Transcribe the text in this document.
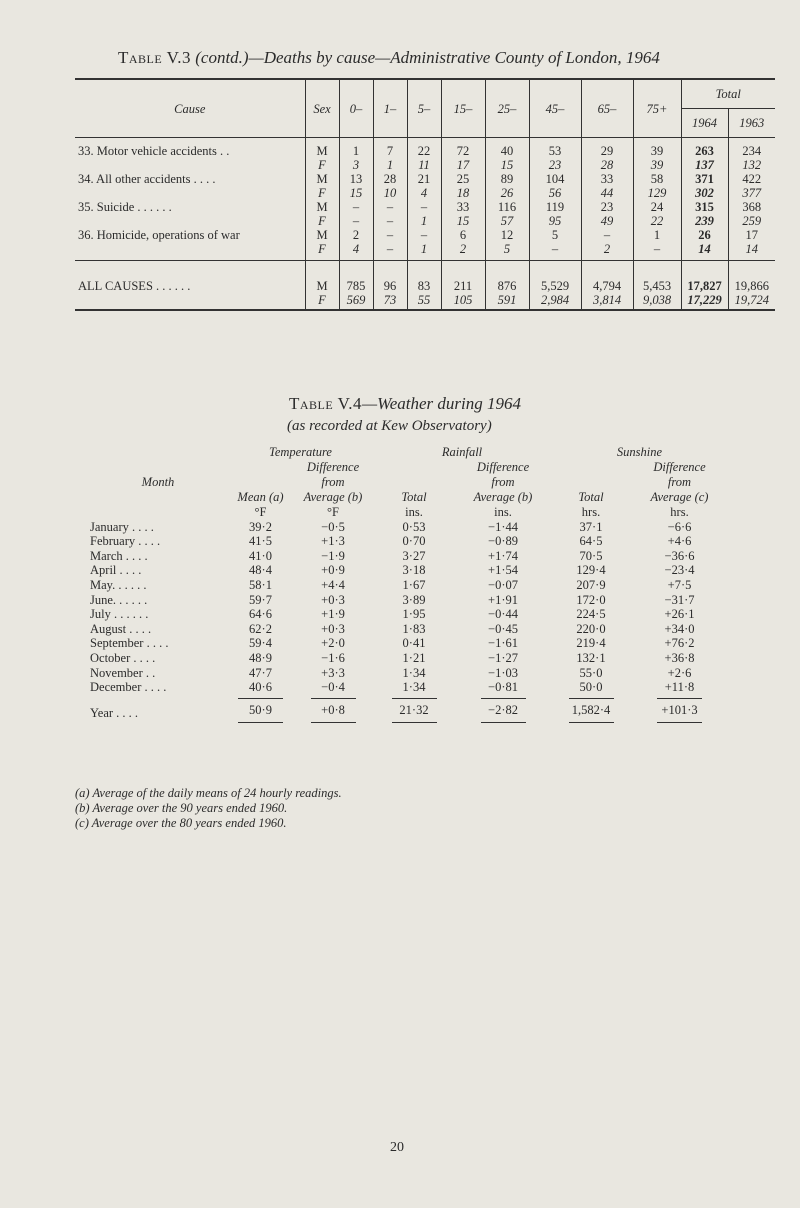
Table V.3 (contd.)—Deaths by cause—Administrative County of London, 1964
Cause	Sex	0–	1–	5–	15–	25–	45–	65–	75+	Total	
										1964	1963
33. Motor vehicle accidents . .	M	1	7	22	72	40	53	29	39	263	234
	F	3	1	11	17	15	23	28	39	137	132
34. All other accidents . . . .	M	13	28	21	25	89	104	33	58	371	422
	F	15	10	4	18	26	56	44	129	302	377
35. Suicide . . . . . .	M	–	–	–	33	116	119	23	24	315	368
	F	–	–	1	15	57	95	49	22	239	259
36. Homicide, operations of war	M	2	–	–	6	12	5	–	1	26	17
	F	4	–	1	2	5	–	2	–	14	14
ALL CAUSES . . . . . .	M	785	96	83	211	876	5,529	4,794	5,453	17,827	19,866
	F	569	73	55	105	591	2,984	3,814	9,038	17,229	19,724
Table V.4—Weather during 1964
(as recorded at Kew Observatory)
	Temperature		Rainfall		Sunshine	
		Difference		Difference		Difference
Month		from		from		from
	Mean (a)	Average (b)	Total	Average (b)	Total	Average (c)
	°F	°F	ins.	ins.	hrs.	hrs.
January . . . .	39·2	−0·5	0·53	−1·44	37·1	−6·6
February . . . .	41·5	+1·3	0·70	−0·89	64·5	+4·6
March . . . .	41·0	−1·9	3·27	+1·74	70·5	−36·6
April . . . .	48·4	+0·9	3·18	+1·54	129·4	−23·4
May. . . . . .	58·1	+4·4	1·67	−0·07	207·9	+7·5
June. . . . . .	59·7	+0·3	3·89	+1·91	172·0	−31·7
July . . . . . .	64·6	+1·9	1·95	−0·44	224·5	+26·1
August . . . .	62·2	+0·3	1·83	−0·45	220·0	+34·0
September . . . .	59·4	+2·0	0·41	−1·61	219·4	+76·2
October . . . .	48·9	−1·6	1·21	−1·27	132·1	+36·8
November . .	47·7	+3·3	1·34	−1·03	55·0	+2·6
December . . . .	40·6	−0·4	1·34	−0·81	50·0	+11·8
Year . . . .	50·9	+0·8	21·32	−2·82	1,582·4	+101·3
(a) Average of the daily means of 24 hourly readings.
(b) Average over the 90 years ended 1960.
(c) Average over the 80 years ended 1960.
20
